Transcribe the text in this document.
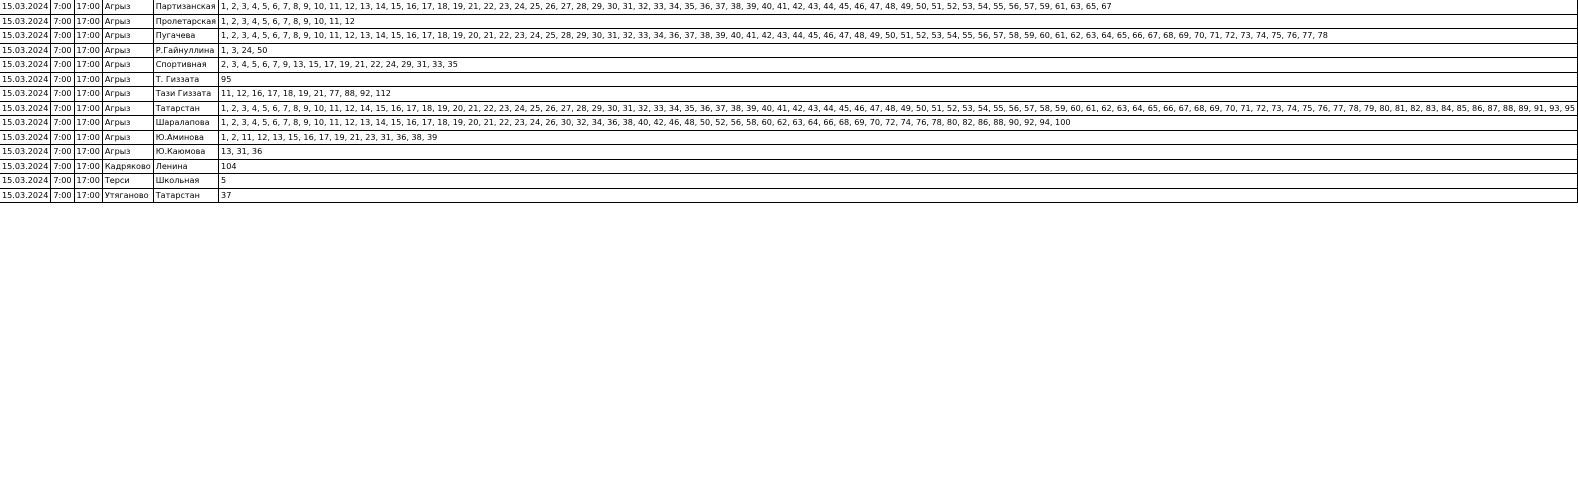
15.03.2024	7:00	17:00	Агрыз	Партизанская	1, 2, 3, 4, 5, 6, 7, 8, 9, 10, 11, 12, 13, 14, 15, 16, 17, 18, 19, 21, 22, 23, 24, 25, 26, 27, 28, 29, 30, 31, 32, 33, 34, 35, 36, 37, 38, 39, 40, 41, 42, 43, 44, 45, 46, 47, 48, 49, 50, 51, 52, 53, 54, 55, 56, 57, 59, 61, 63, 65, 67
15.03.2024	7:00	17:00	Агрыз	Пролетарская	1, 2, 3, 4, 5, 6, 7, 8, 9, 10, 11, 12
15.03.2024	7:00	17:00	Агрыз	Пугачева	1, 2, 3, 4, 5, 6, 7, 8, 9, 10, 11, 12, 13, 14, 15, 16, 17, 18, 19, 20, 21, 22, 23, 24, 25, 28, 29, 30, 31, 32, 33, 34, 36, 37, 38, 39, 40, 41, 42, 43, 44, 45, 46, 47, 48, 49, 50, 51, 52, 53, 54, 55, 56, 57, 58, 59, 60, 61, 62, 63, 64, 65, 66, 67, 68, 69, 70, 71, 72, 73, 74, 75, 76, 77, 78
15.03.2024	7:00	17:00	Агрыз	Р.Гайнуллина	1, 3, 24, 50
15.03.2024	7:00	17:00	Агрыз	Спортивная	2, 3, 4, 5, 6, 7, 9, 13, 15, 17, 19, 21, 22, 24, 29, 31, 33, 35
15.03.2024	7:00	17:00	Агрыз	Т. Гиззата	95
15.03.2024	7:00	17:00	Агрыз	Тази Гиззата	11, 12, 16, 17, 18, 19, 21, 77, 88, 92, 112
15.03.2024	7:00	17:00	Агрыз	Татарстан	1, 2, 3, 4, 5, 6, 7, 8, 9, 10, 11, 12, 14, 15, 16, 17, 18, 19, 20, 21, 22, 23, 24, 25, 26, 27, 28, 29, 30, 31, 32, 33, 34, 35, 36, 37, 38, 39, 40, 41, 42, 43, 44, 45, 46, 47, 48, 49, 50, 51, 52, 53, 54, 55, 56, 57, 58, 59, 60, 61, 62, 63, 64, 65, 66, 67, 68, 69, 70, 71, 72, 73, 74, 75, 76, 77, 78, 79, 80, 81, 82, 83, 84, 85, 86, 87, 88, 89, 91, 93, 95
15.03.2024	7:00	17:00	Агрыз	Шаралапова	1, 2, 3, 4, 5, 6, 7, 8, 9, 10, 11, 12, 13, 14, 15, 16, 17, 18, 19, 20, 21, 22, 23, 24, 26, 30, 32, 34, 36, 38, 40, 42, 46, 48, 50, 52, 56, 58, 60, 62, 63, 64, 66, 68, 69, 70, 72, 74, 76, 78, 80, 82, 86, 88, 90, 92, 94, 100
15.03.2024	7:00	17:00	Агрыз	Ю.Аминова	1, 2, 11, 12, 13, 15, 16, 17, 19, 21, 23, 31, 36, 38, 39
15.03.2024	7:00	17:00	Агрыз	Ю.Каюмова	13, 31, 36
15.03.2024	7:00	17:00	Кадряково	Ленина	104
15.03.2024	7:00	17:00	Терси	Школьная	5
15.03.2024	7:00	17:00	Утяганово	Татарстан	37
